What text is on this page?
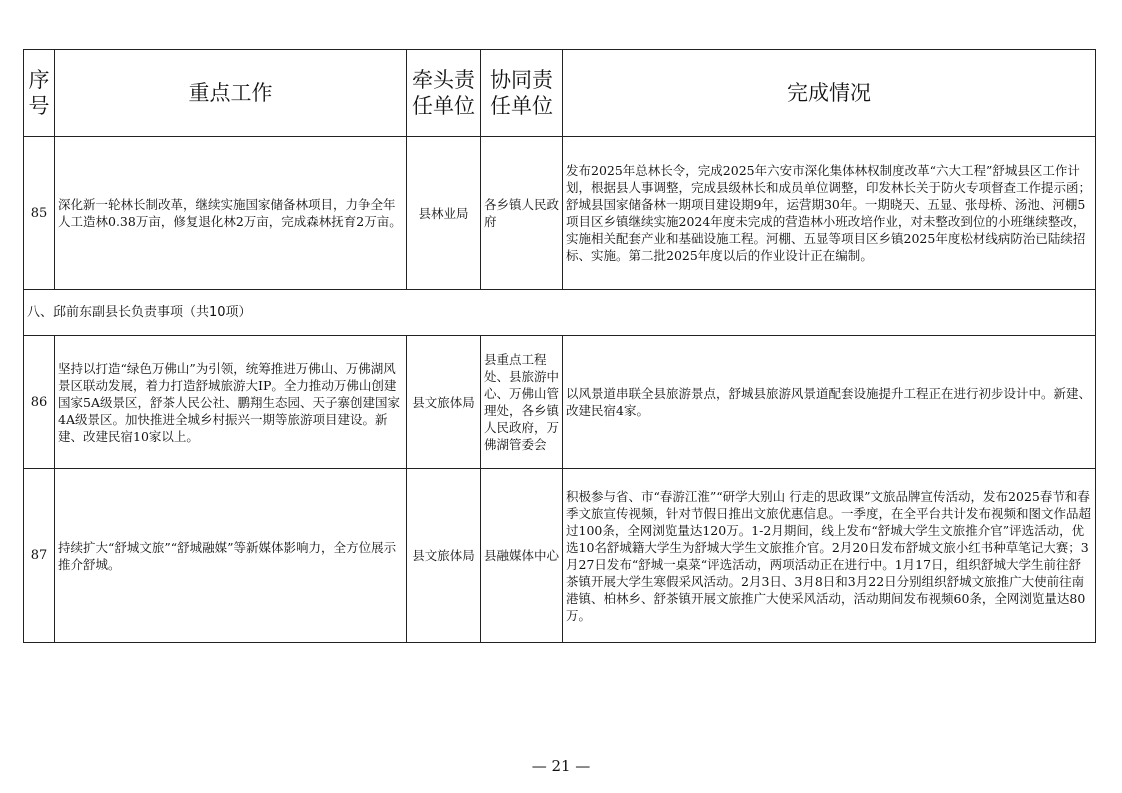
序号	重点工作	牵头责任单位	协同责任单位	完成情况
85	深化新一轮林长制改革，继续实施国家储备林项目，力争全年人工造林0.38万亩，修复退化林2万亩，完成森林抚育2万亩。	县林业局	各乡镇人民政府	发布2025年总林长令，完成2025年六安市深化集体林权制度改革“六大工程”舒城县区工作计划，根据县人事调整，完成县级林长和成员单位调整，印发林长关于防火专项督查工作提示函；舒城县国家储备林一期项目建设期9年，运营期30年。一期晓天、五显、张母桥、汤池、河棚5项目区乡镇继续实施2024年度未完成的营造林小班改培作业，对未整改到位的小班继续整改，实施相关配套产业和基础设施工程。河棚、五显等项目区乡镇2025年度松材线病防治已陆续招标、实施。第二批2025年度以后的作业设计正在编制。
八、邱前东副县长负责事项（共10项）				
86	坚持以打造“绿色万佛山”为引领，统筹推进万佛山、万佛湖风景区联动发展，着力打造舒城旅游大IP。全力推动万佛山创建国家5A级景区，舒茶人民公社、鹏翔生态园、天子寨创建国家4A级景区。加快推进全城乡村振兴一期等旅游项目建设。新建、改建民宿10家以上。	县文旅体局	县重点工程处、县旅游中心、万佛山管理处，各乡镇人民政府，万佛湖管委会	以风景道串联全县旅游景点，舒城县旅游风景道配套设施提升工程正在进行初步设计中。新建、改建民宿4家。
87	持续扩大“舒城文旅”“舒城融媒”等新媒体影响力，全方位展示推介舒城。	县文旅体局	县融媒体中心	积极参与省、市“春游江淮”“研学大别山 行走的思政课”文旅品牌宣传活动，发布2025春节和春季文旅宣传视频，针对节假日推出文旅优惠信息。一季度，在全平台共计发布视频和图文作品超过100条，全网浏览量达120万。1-2月期间，线上发布“舒城大学生文旅推介官”评选活动，优选10名舒城籍大学生为舒城大学生文旅推介官。2月20日发布舒城文旅小红书种草笔记大赛；3月27日发布“舒城一桌菜“评选活动，两项活动正在进行中。1月17日，组织舒城大学生前往舒茶镇开展大学生寒假采风活动。2月3日、3月8日和3月22日分别组织舒城文旅推广大使前往南港镇、柏林乡、舒茶镇开展文旅推广大使采风活动，活动期间发布视频60条，全网浏览量达80万。
— 21 —
